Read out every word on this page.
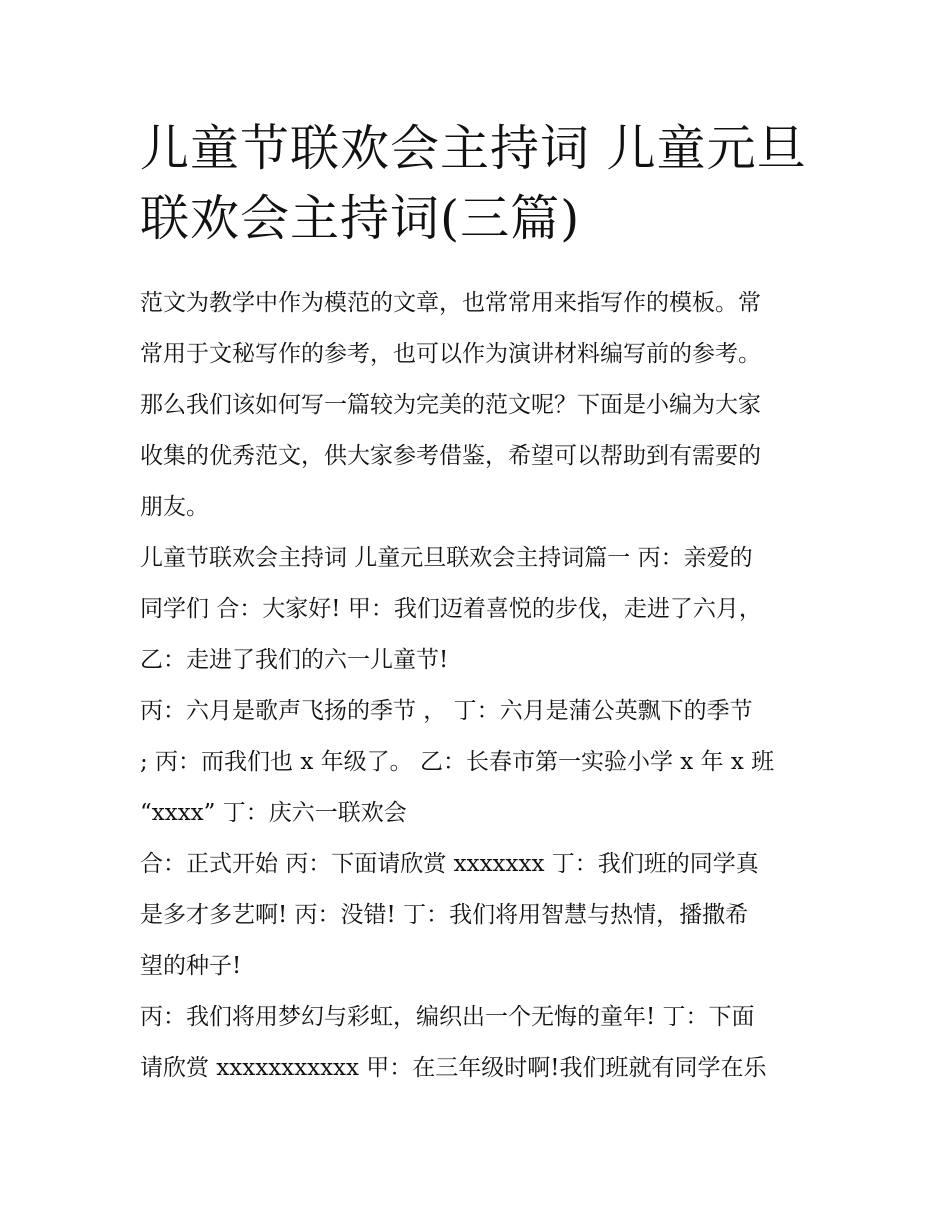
儿童节联欢会主持词 儿童元旦
联欢会主持词(三篇)
范文为教学中作为模范的文章，也常常用来指写作的模板。常
常用于文秘写作的参考，也可以作为演讲材料编写前的参考。
那么我们该如何写一篇较为完美的范文呢？下面是小编为大家
收集的优秀范文，供大家参考借鉴，希望可以帮助到有需要的
朋友。
儿童节联欢会主持词 儿童元旦联欢会主持词篇一 丙：亲爱的
同学们 合：大家好! 甲：我们迈着喜悦的步伐，走进了六月，
乙：走进了我们的六一儿童节!
丙：六月是歌声飞扬的季节 ， 丁：六月是蒲公英飘下的季节
; 丙：而我们也 x 年级了。 乙：长春市第一实验小学 x 年 x 班
“xxxx” 丁：庆六一联欢会
合：正式开始 丙：下面请欣赏 xxxxxxx 丁：我们班的同学真
是多才多艺啊! 丙：没错! 丁：我们将用智慧与热情，播撒希
望的种子!
丙：我们将用梦幻与彩虹，编织出一个无悔的童年! 丁：下面
请欣赏 xxxxxxxxxxx 甲：在三年级时啊!我们班就有同学在乐
